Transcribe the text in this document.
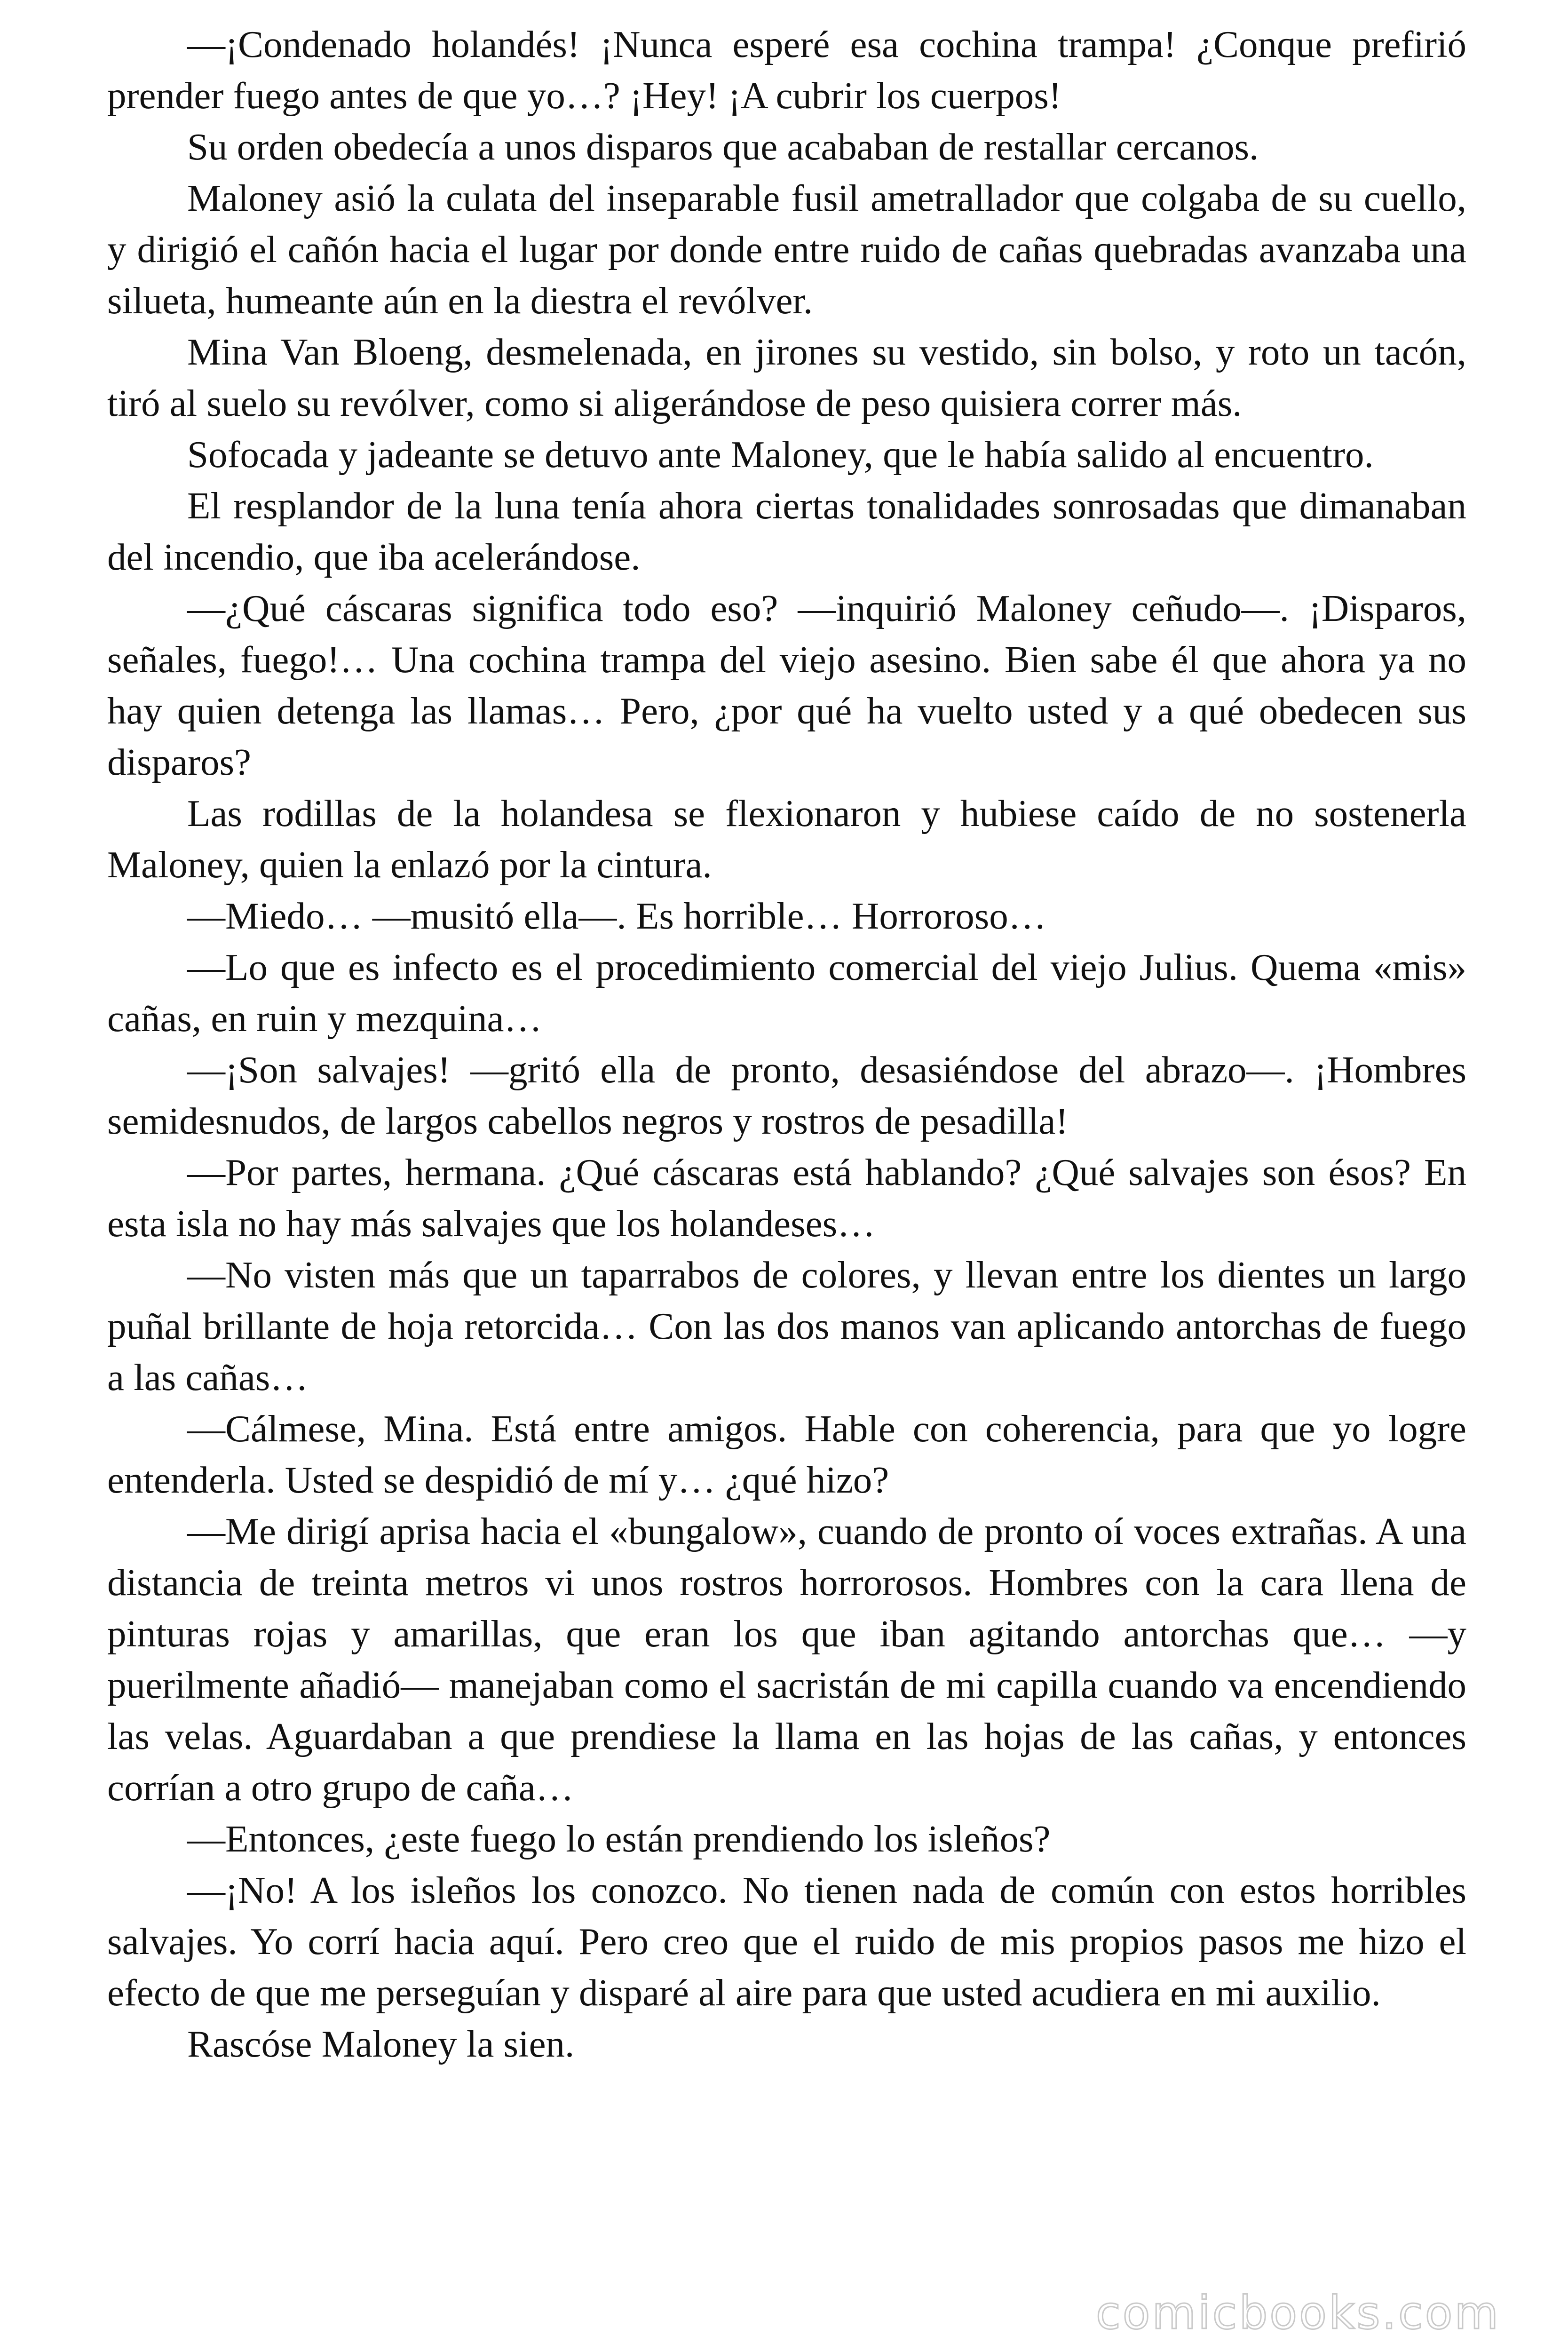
—¡Condenado holandés! ¡Nunca esperé esa cochina trampa! ¿Conque prefirió prender fuego antes de que yo…? ¡Hey! ¡A cubrir los cuerpos!

Su orden obedecía a unos disparos que acababan de restallar cercanos.

Maloney asió la culata del inseparable fusil ametrallador que colgaba de su cuello, y dirigió el cañón hacia el lugar por donde entre ruido de cañas quebradas avanzaba una silueta, humeante aún en la diestra el revólver.

Mina Van Bloeng, desmelenada, en jirones su vestido, sin bolso, y roto un tacón, tiró al suelo su revólver, como si aligerándose de peso quisiera correr más.

Sofocada y jadeante se detuvo ante Maloney, que le había salido al encuentro.

El resplandor de la luna tenía ahora ciertas tonalidades sonrosadas que dimanaban del incendio, que iba acelerándose.

—¿Qué cáscaras significa todo eso? —inquirió Maloney ceñudo—. ¡Disparos, señales, fuego!… Una cochina trampa del viejo asesino. Bien sabe él que ahora ya no hay quien detenga las llamas… Pero, ¿por qué ha vuelto usted y a qué obedecen sus disparos?

Las rodillas de la holandesa se flexionaron y hubiese caído de no sostenerla Maloney, quien la enlazó por la cintura.

—Miedo… —musitó ella—. Es horrible… Horroroso…

—Lo que es infecto es el procedimiento comercial del viejo Julius. Quema «mis» cañas, en ruin y mezquina…

—¡Son salvajes! —gritó ella de pronto, desasiéndose del abrazo—. ¡Hombres semidesnudos, de largos cabellos negros y rostros de pesadilla!

—Por partes, hermana. ¿Qué cáscaras está hablando? ¿Qué salvajes son ésos? En esta isla no hay más salvajes que los holandeses…

—No visten más que un taparrabos de colores, y llevan entre los dientes un largo puñal brillante de hoja retorcida… Con las dos manos van aplicando antorchas de fuego a las cañas…

—Cálmese, Mina. Está entre amigos. Hable con coherencia, para que yo logre entenderla. Usted se despidió de mí y… ¿qué hizo?

—Me dirigí aprisa hacia el «bungalow», cuando de pronto oí voces extrañas. A una distancia de treinta metros vi unos rostros horrorosos. Hombres con la cara llena de pinturas rojas y amarillas, que eran los que iban agitando antorchas que… —y puerilmente añadió— manejaban como el sacristán de mi capilla cuando va encendiendo las velas. Aguardaban a que prendiese la llama en las hojas de las cañas, y entonces corrían a otro grupo de caña…

—Entonces, ¿este fuego lo están prendiendo los isleños?

—¡No! A los isleños los conozco. No tienen nada de común con estos horribles salvajes. Yo corrí hacia aquí. Pero creo que el ruido de mis propios pasos me hizo el efecto de que me perseguían y disparé al aire para que usted acudiera en mi auxilio.

Rascóse Maloney la sien.

comicbooks.com
